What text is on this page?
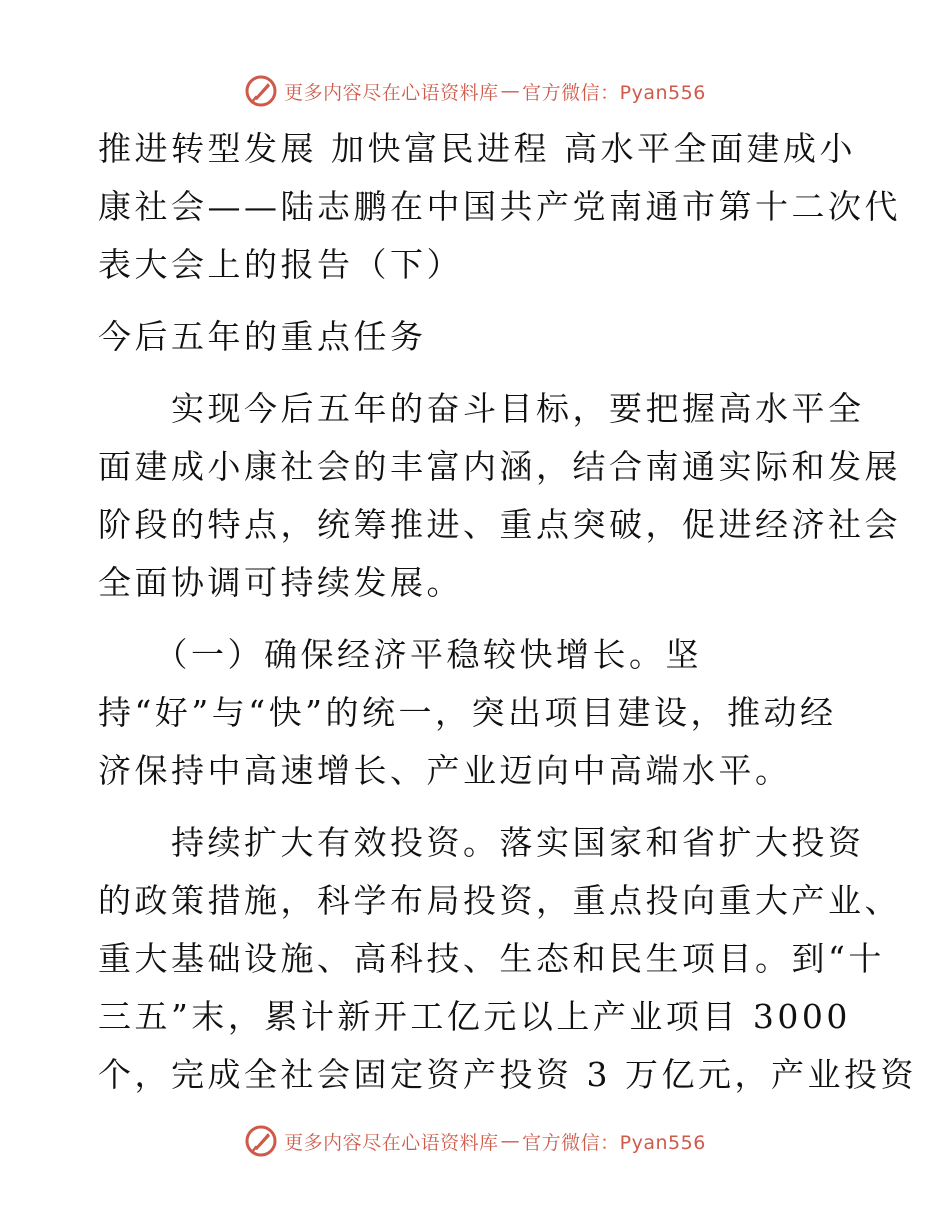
更多内容尽在心语资料库 — 官方微信：Pyan556
推进转型发展 加快富民进程 高水平全面建成小
康社会——陆志鹏在中国共产党南通市第十二次代
表大会上的报告（下）
今后五年的重点任务
　　实现今后五年的奋斗目标，要把握高水平全
面建成小康社会的丰富内涵，结合南通实际和发展
阶段的特点，统筹推进、重点突破，促进经济社会
全面协调可持续发展。
　　（一）确保经济平稳较快增长。坚
持“好”与“快”的统一，突出项目建设，推动经
济保持中高速增长、产业迈向中高端水平。
　　持续扩大有效投资。落实国家和省扩大投资
的政策措施，科学布局投资，重点投向重大产业、
重大基础设施、高科技、生态和民生项目。到“十
三五”末，累计新开工亿元以上产业项目 3000
个，完成全社会固定资产投资 3 万亿元，产业投资
更多内容尽在心语资料库 — 官方微信：Pyan556
